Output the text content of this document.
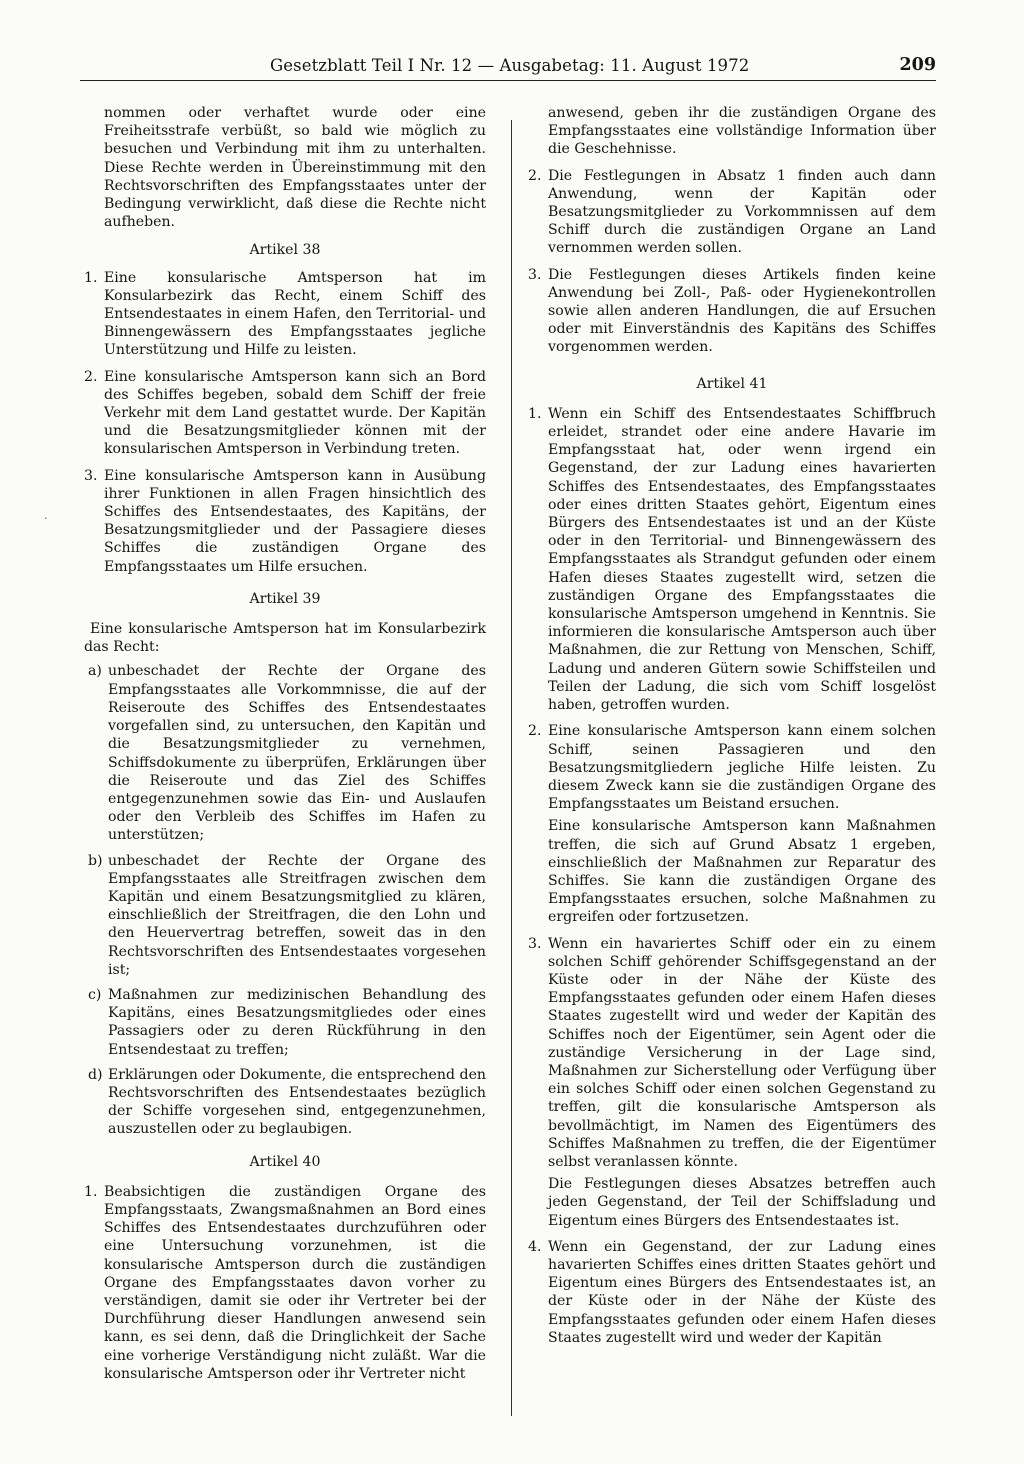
Gesetzblatt Teil I Nr. 12 — Ausgabetag: 11. August 1972	209
·

nommen oder verhaftet wurde oder eine Freiheitsstrafe verbüßt, so bald wie möglich zu besuchen und Verbindung mit ihm zu unterhalten. Diese Rechte werden in Übereinstimmung mit den Rechtsvorschriften des Empfangsstaates unter der Bedingung verwirklicht, daß diese die Rechte nicht aufheben.

Artikel 38
1. Eine konsularische Amtsperson hat im Konsularbezirk das Recht, einem Schiff des Entsendestaates in einem Hafen, den Territorial- und Binnengewässern des Empfangsstaates jegliche Unterstützung und Hilfe zu leisten.
2. Eine konsularische Amtsperson kann sich an Bord des Schiffes begeben, sobald dem Schiff der freie Verkehr mit dem Land gestattet wurde. Der Kapitän und die Besatzungsmitglieder können mit der konsularischen Amtsperson in Verbindung treten.
3. Eine konsularische Amtsperson kann in Ausübung ihrer Funktionen in allen Fragen hinsichtlich des Schiffes des Entsendestaates, des Kapitäns, der Besatzungsmitglieder und der Passagiere dieses Schiffes die zuständigen Organe des Empfangsstaates um Hilfe ersuchen.
Artikel 39

Eine konsularische Amtsperson hat im Konsularbezirk das Recht:

a) unbeschadet der Rechte der Organe des Empfangsstaates alle Vorkommnisse, die auf der Reiseroute des Schiffes des Entsendestaates vorgefallen sind, zu untersuchen, den Kapitän und die Besatzungsmitglieder zu vernehmen, Schiffsdokumente zu überprüfen, Erklärungen über die Reiseroute und das Ziel des Schiffes entgegenzunehmen sowie das Ein- und Auslaufen oder den Verbleib des Schiffes im Hafen zu unterstützen;
b) unbeschadet der Rechte der Organe des Empfangsstaates alle Streitfragen zwischen dem Kapitän und einem Besatzungsmitglied zu klären, einschließlich der Streitfragen, die den Lohn und den Heuervertrag betreffen, soweit das in den Rechtsvorschriften des Entsendestaates vorgesehen ist;
c) Maßnahmen zur medizinischen Behandlung des Kapitäns, eines Besatzungsmitgliedes oder eines Passagiers oder zu deren Rückführung in den Entsendestaat zu treffen;
d) Erklärungen oder Dokumente, die entsprechend den Rechtsvorschriften des Entsendestaates bezüglich der Schiffe vorgesehen sind, entgegenzunehmen, auszustellen oder zu beglaubigen.
Artikel 40
1. Beabsichtigen die zuständigen Organe des Empfangsstaats, Zwangsmaßnahmen an Bord eines Schiffes des Entsendestaates durchzuführen oder eine Untersuchung vorzunehmen, ist die konsularische Amtsperson durch die zuständigen Organe des Empfangsstaates davon vorher zu verständigen, damit sie oder ihr Vertreter bei der Durchführung dieser Handlungen anwesend sein kann, es sei denn, daß die Dringlichkeit der Sache eine vorherige Verständigung nicht zuläßt. War die konsularische Amtsperson oder ihr Vertreter nicht
anwesend, geben ihr die zuständigen Organe des Empfangsstaates eine vollständige Information über die Geschehnisse.
2. Die Festlegungen in Absatz 1 finden auch dann Anwendung, wenn der Kapitän oder Besatzungsmitglieder zu Vorkommnissen auf dem Schiff durch die zuständigen Organe an Land vernommen werden sollen.
3. Die Festlegungen dieses Artikels finden keine Anwendung bei Zoll-, Paß- oder Hygienekontrollen sowie allen anderen Handlungen, die auf Ersuchen oder mit Einverständnis des Kapitäns des Schiffes vorgenommen werden.
Artikel 41
1. Wenn ein Schiff des Entsendestaates Schiffbruch erleidet, strandet oder eine andere Havarie im Empfangsstaat hat, oder wenn irgend ein Gegenstand, der zur Ladung eines havarierten Schiffes des Entsendestaates, des Empfangsstaates oder eines dritten Staates gehört, Eigentum eines Bürgers des Entsendestaates ist und an der Küste oder in den Territorial- und Binnengewässern des Empfangsstaates als Strandgut gefunden oder einem Hafen dieses Staates zugestellt wird, setzen die zuständigen Organe des Empfangsstaates die konsularische Amtsperson umgehend in Kenntnis. Sie informieren die konsularische Amtsperson auch über Maßnahmen, die zur Rettung von Menschen, Schiff, Ladung und anderen Gütern sowie Schiffsteilen und Teilen der Ladung, die sich vom Schiff losgelöst haben, getroffen wurden.
2. Eine konsularische Amtsperson kann einem solchen Schiff, seinen Passagieren und den Besatzungsmitgliedern jegliche Hilfe leisten. Zu diesem Zweck kann sie die zuständigen Organe des Empfangsstaates um Beistand ersuchen.

Eine konsularische Amtsperson kann Maßnahmen treffen, die sich auf Grund Absatz 1 ergeben, einschließlich der Maßnahmen zur Reparatur des Schiffes. Sie kann die zuständigen Organe des Empfangsstaates ersuchen, solche Maßnahmen zu ergreifen oder fortzusetzen.

3. Wenn ein havariertes Schiff oder ein zu einem solchen Schiff gehörender Schiffsgegenstand an der Küste oder in der Nähe der Küste des Empfangsstaates gefunden oder einem Hafen dieses Staates zugestellt wird und weder der Kapitän des Schiffes noch der Eigentümer, sein Agent oder die zuständige Versicherung in der Lage sind, Maßnahmen zur Sicherstellung oder Verfügung über ein solches Schiff oder einen solchen Gegenstand zu treffen, gilt die konsularische Amtsperson als bevollmächtigt, im Namen des Eigentümers des Schiffes Maßnahmen zu treffen, die der Eigentümer selbst veranlassen könnte.

Die Festlegungen dieses Absatzes betreffen auch jeden Gegenstand, der Teil der Schiffsladung und Eigentum eines Bürgers des Entsendestaates ist.

4. Wenn ein Gegenstand, der zur Ladung eines havarierten Schiffes eines dritten Staates gehört und Eigentum eines Bürgers des Entsendestaates ist, an der Küste oder in der Nähe der Küste des Empfangsstaates gefunden oder einem Hafen dieses Staates zugestellt wird und weder der Kapitän
